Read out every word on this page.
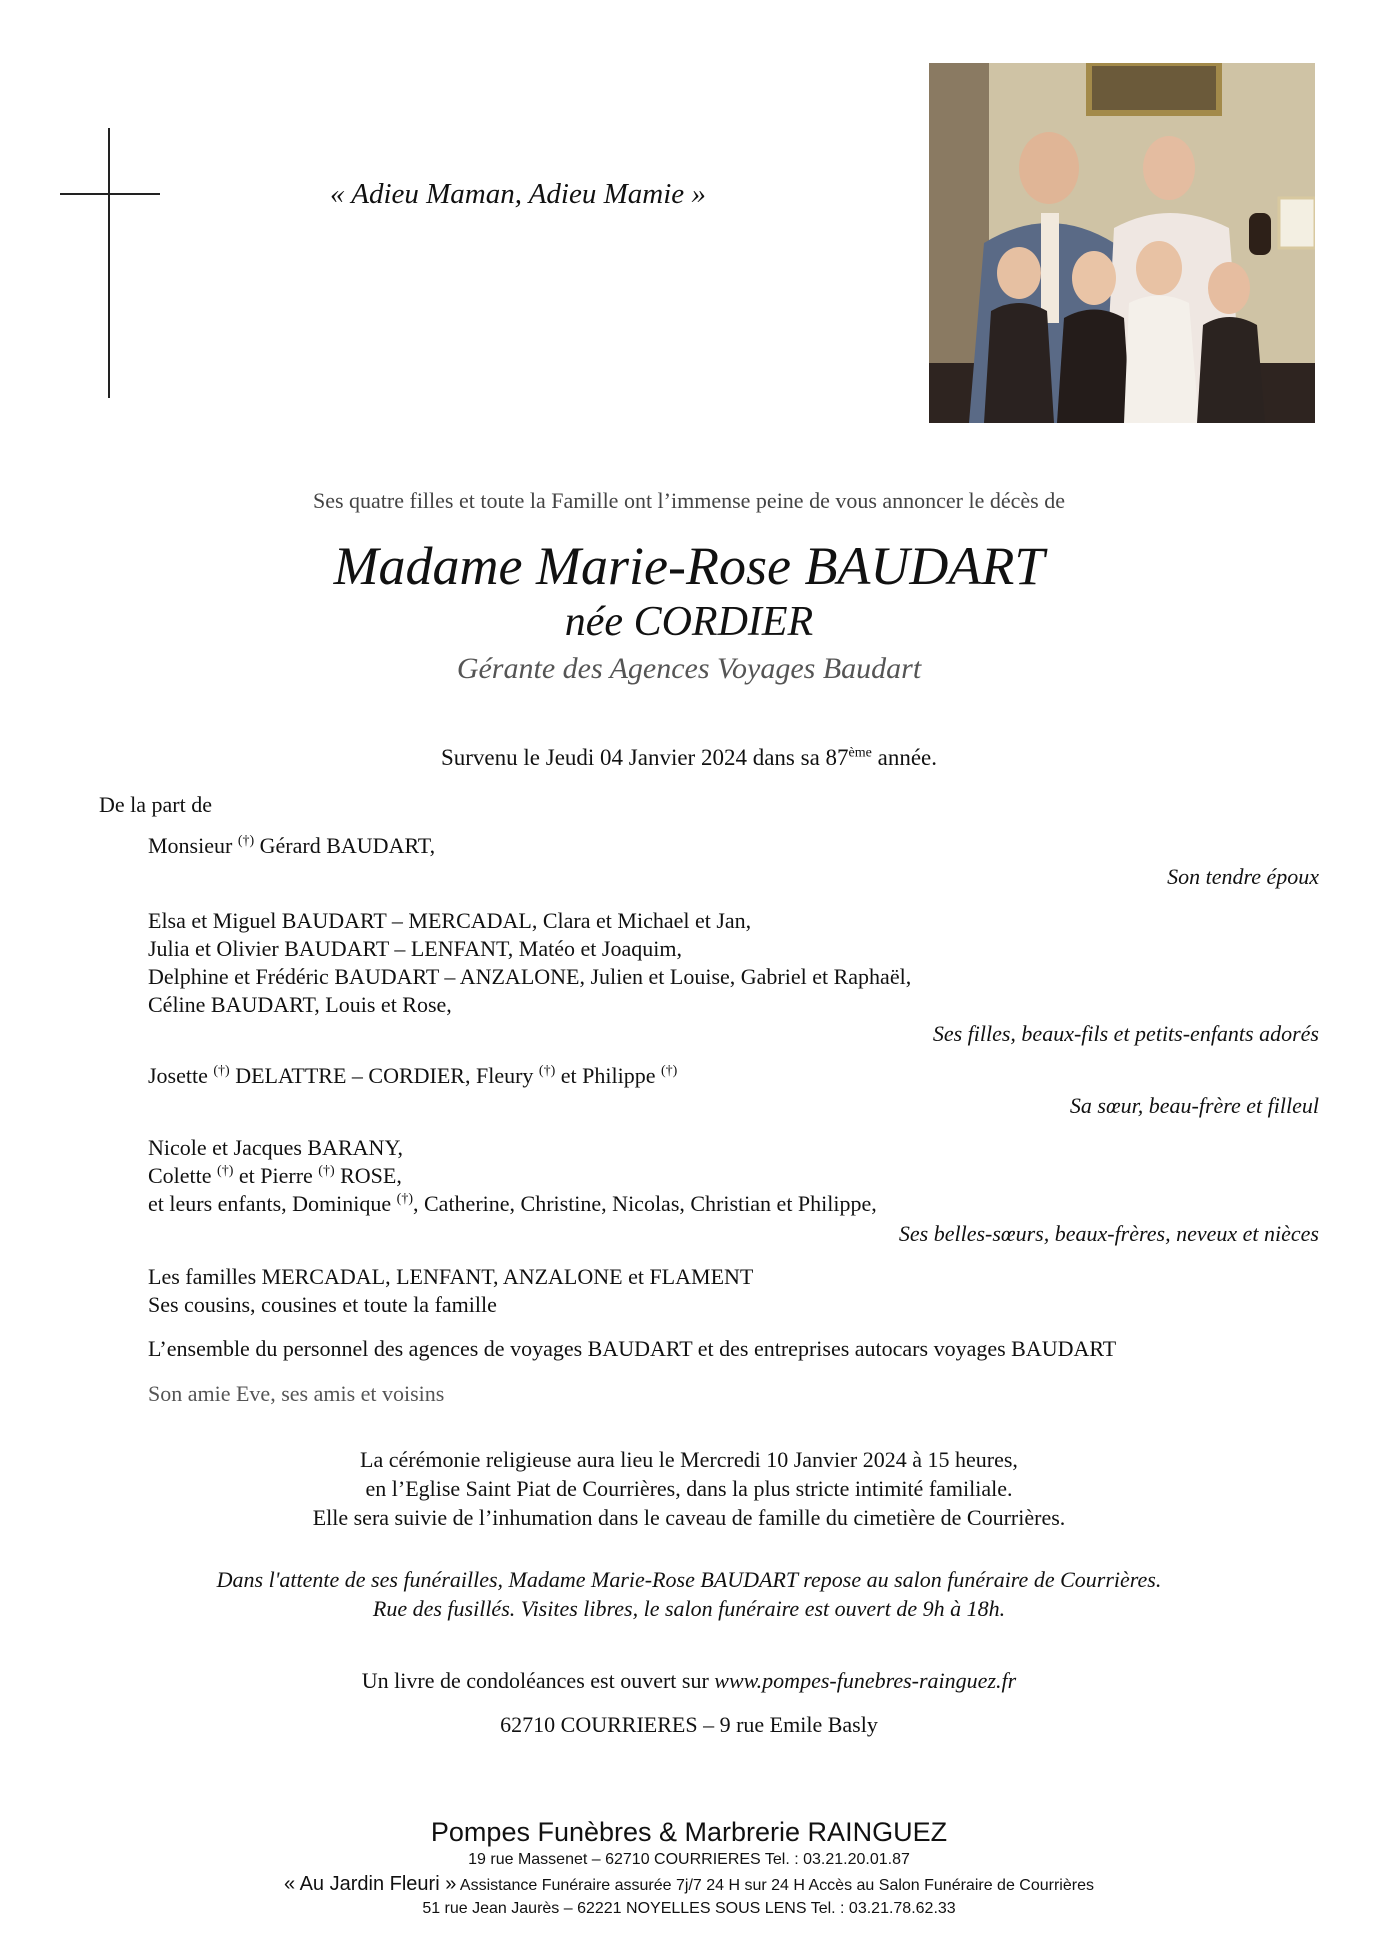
« Adieu Maman, Adieu Mamie »
Ses quatre filles et toute la Famille ont l’immense peine de vous annoncer le décès de
Madame Marie-Rose BAUDART
née CORDIER
Gérante des Agences Voyages Baudart
Survenu le Jeudi 04 Janvier 2024 dans sa 87ème année.
De la part de
Monsieur (†) Gérard BAUDART,
Son tendre époux
Elsa et Miguel BAUDART – MERCADAL, Clara et Michael et Jan,
Julia et Olivier BAUDART – LENFANT, Matéo et Joaquim,
Delphine et Frédéric BAUDART – ANZALONE, Julien et Louise, Gabriel et Raphaël,
Céline BAUDART, Louis et Rose,
Ses filles, beaux-fils et petits-enfants adorés
Josette (†) DELATTRE – CORDIER, Fleury (†) et Philippe (†)
Sa sœur, beau-frère et filleul
Nicole et Jacques BARANY,
Colette (†) et Pierre (†) ROSE,
et leurs enfants, Dominique (†), Catherine, Christine, Nicolas, Christian et Philippe,
Ses belles-sœurs, beaux-frères, neveux et nièces
Les familles MERCADAL, LENFANT, ANZALONE et FLAMENT
Ses cousins, cousines et toute la famille
L’ensemble du personnel des agences de voyages BAUDART et des entreprises autocars voyages BAUDART
Son amie Eve, ses amis et voisins
La cérémonie religieuse aura lieu le Mercredi 10 Janvier 2024 à 15 heures,
en l’Eglise Saint Piat de Courrières, dans la plus stricte intimité familiale.
Elle sera suivie de l’inhumation dans le caveau de famille du cimetière de Courrières.
Dans l'attente de ses funérailles, Madame Marie-Rose BAUDART repose au salon funéraire de Courrières.
Rue des fusillés. Visites libres, le salon funéraire est ouvert de 9h à 18h.
Un livre de condoléances est ouvert sur www.pompes-funebres-rainguez.fr
62710 COURRIERES – 9 rue Emile Basly
Pompes Funèbres & Marbrerie RAINGUEZ
19 rue Massenet – 62710 COURRIERES Tel. : 03.21.20.01.87
« Au Jardin Fleuri » Assistance Funéraire assurée 7j/7 24 H sur 24 H Accès au Salon Funéraire de Courrières
51 rue Jean Jaurès – 62221 NOYELLES SOUS LENS Tel. : 03.21.78.62.33
